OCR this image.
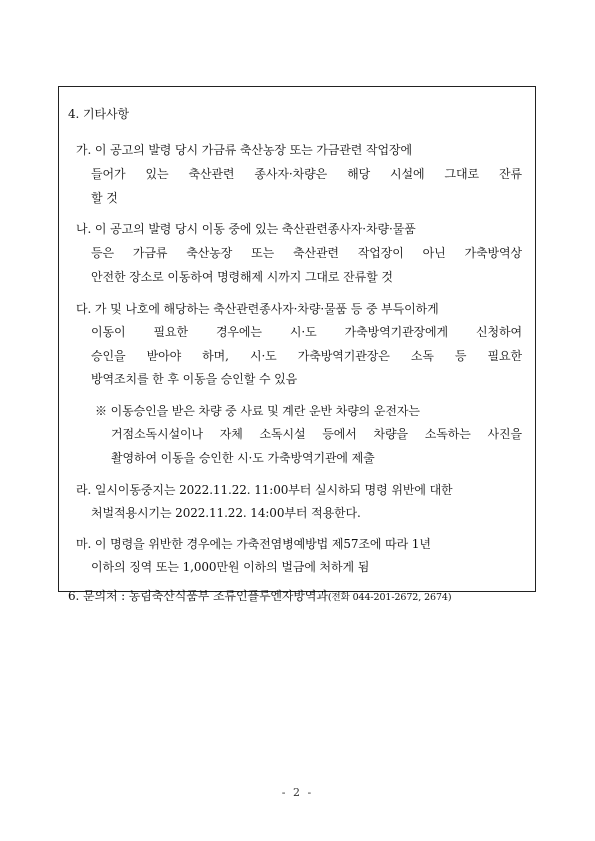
4. 기타사항
가. 이 공고의 발령 당시 가금류 축산농장 또는 가금관련 작업장에
들어가 있는 축산관련 종사자·차량은 해당 시설에 그대로 잔류
할 것
나. 이 공고의 발령 당시 이동 중에 있는 축산관련종사자·차량·물품
등은 가금류 축산농장 또는 축산관련 작업장이 아닌 가축방역상
안전한 장소로 이동하여 명령해제 시까지 그대로 잔류할 것
다. 가 및 나호에 해당하는 축산관련종사자·차량·물품 등 중 부득이하게
이동이 필요한 경우에는 시·도 가축방역기관장에게 신청하여
승인을 받아야 하며, 시·도 가축방역기관장은 소독 등 필요한
방역조치를 한 후 이동을 승인할 수 있음
※ 이동승인을 받은 차량 중 사료 및 계란 운반 차량의 운전자는
거점소독시설이나 자체 소독시설 등에서 차량을 소독하는 사진을
촬영하여 이동을 승인한 시·도 가축방역기관에 제출
라. 일시이동중지는 2022.11.22. 11:00부터 실시하되 명령 위반에 대한
처벌적용시기는 2022.11.22. 14:00부터 적용한다.
마. 이 명령을 위반한 경우에는 가축전염병예방법 제57조에 따라 1년
이하의 징역 또는 1,000만원 이하의 벌금에 처하게 됨
6. 문의처 : 농림축산식품부 조류인플루엔자방역과(전화 044-201-2672, 2674)
- 2 -
